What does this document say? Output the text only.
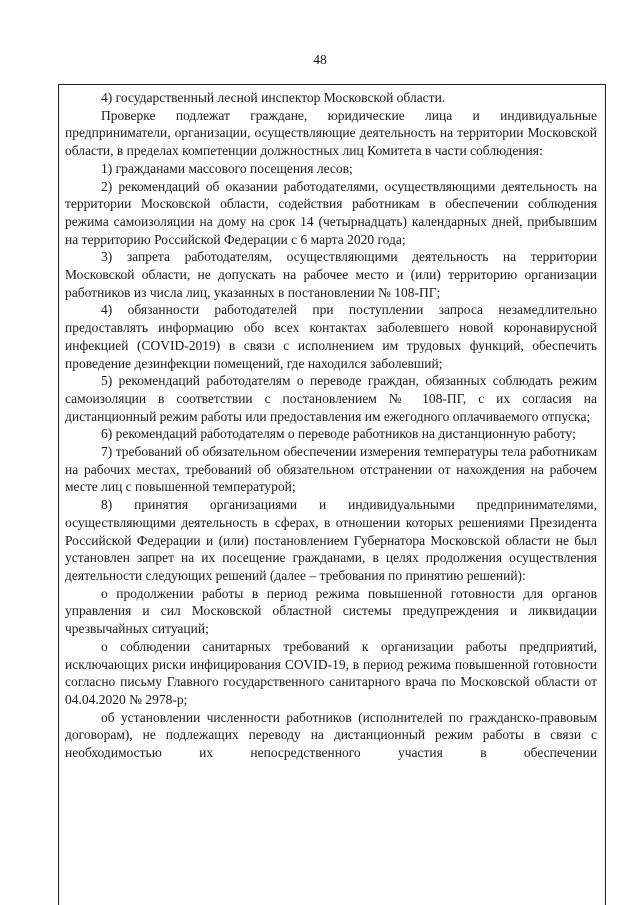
48

4) государственный лесной инспектор Московской области.

Проверке подлежат граждане, юридические лица и индивидуальные предприниматели, организации, осуществляющие деятельность на территории Московской области, в пределах компетенции должностных лиц Комитета в части соблюдения:

1) гражданами массового посещения лесов;

2) рекомендаций об оказании работодателями, осуществляющими деятельность на территории Московской области, содействия работникам в обеспечении соблюдения режима самоизоляции на дому на срок 14 (четырнадцать) календарных дней, прибывшим на территорию Российской Федерации с 6 марта 2020 года;

3) запрета работодателям, осуществляющими деятельность на территории Московской области, не допускать на рабочее место и (или) территорию организации работников из числа лиц, указанных в постановлении № 108-ПГ;

4) обязанности работодателей при поступлении запроса незамедлительно предоставлять информацию обо всех контактах заболевшего новой коронавирусной инфекцией (COVID-2019) в связи с исполнением им трудовых функций, обеспечить проведение дезинфекции помещений, где находился заболевший;

5) рекомендаций работодателям о переводе граждан, обязанных соблюдать режим самоизоляции в соответствии с постановлением № 108-ПГ, с их согласия на дистанционный режим работы или предоставления им ежегодного оплачиваемого отпуска;

6) рекомендаций работодателям о переводе работников на дистанционную работу;

7) требований об обязательном обеспечении измерения температуры тела работникам на рабочих местах, требований об обязательном отстранении от нахождения на рабочем месте лиц с повышенной температурой;

8) принятия организациями и индивидуальными предпринимателями, осуществляющими деятельность в сферах, в отношении которых решениями Президента Российской Федерации и (или) постановлением Губернатора Московской области не был установлен запрет на их посещение гражданами, в целях продолжения осуществления деятельности следующих решений (далее – требования по принятию решений):

о продолжении работы в период режима повышенной готовности для органов управления и сил Московской областной системы предупреждения и ликвидации чрезвычайных ситуаций;

о соблюдении санитарных требований к организации работы предприятий, исключающих риски инфицирования COVID-19, в период режима повышенной готовности согласно письму Главного государственного санитарного врача по Московской области от 04.04.2020 № 2978-р;

об установлении численности работников (исполнителей по гражданско-правовым договорам), не подлежащих переводу на дистанционный режим работы в связи с необходимостью их непосредственного участия в обеспечении
